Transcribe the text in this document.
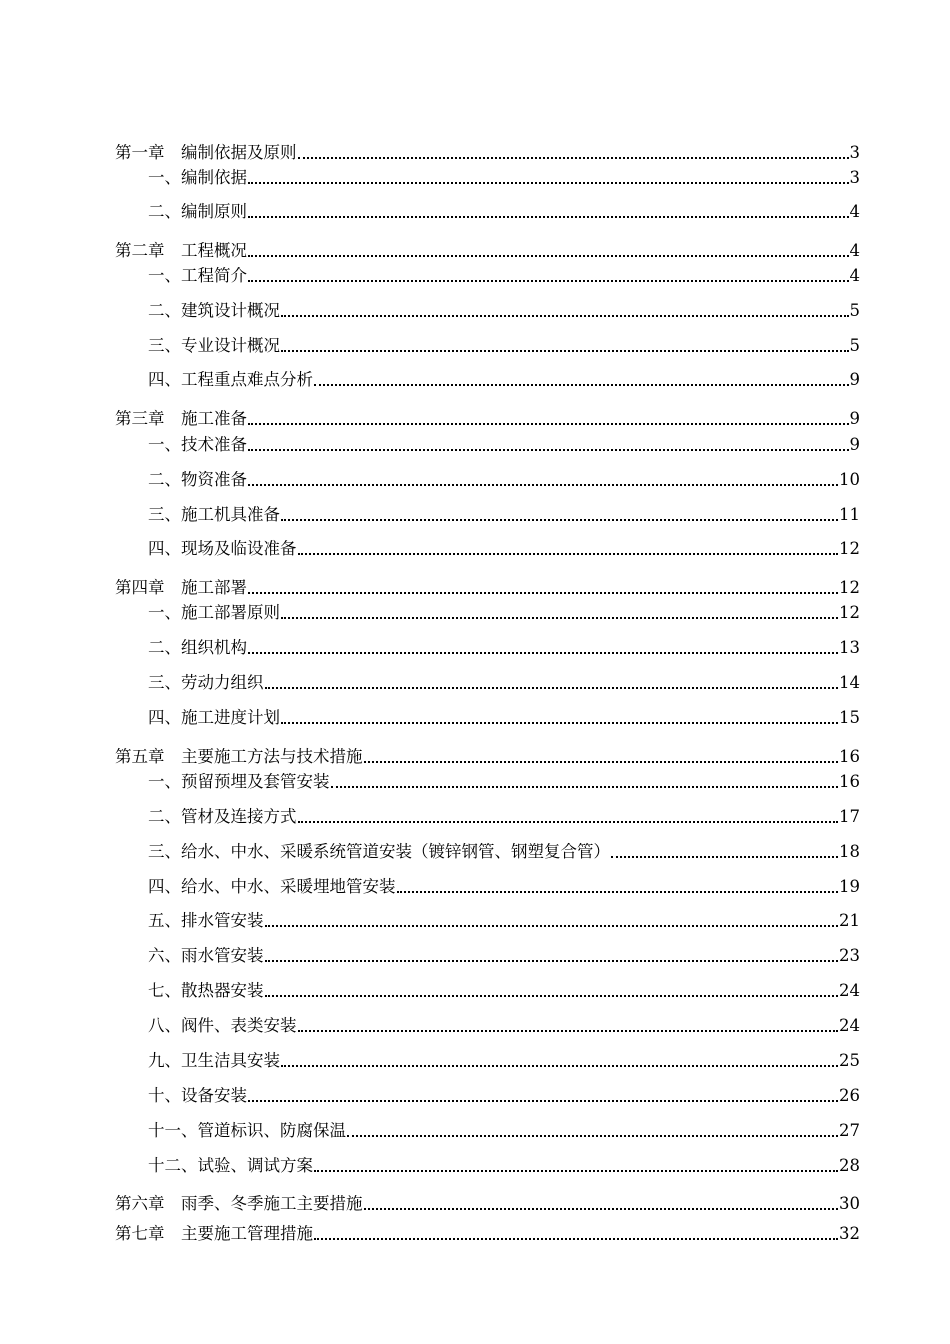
第一章　编制依据及原则	3
一、编制依据	3
二、编制原则	4
第二章　工程概况	4
一、工程简介	4
二、建筑设计概况	5
三、专业设计概况	5
四、工程重点难点分析	9
第三章　施工准备	9
一、技术准备	9
二、物资准备	10
三、施工机具准备	11
四、现场及临设准备	12
第四章　施工部署	12
一、施工部署原则	12
二、组织机构	13
三、劳动力组织	14
四、施工进度计划	15
第五章　主要施工方法与技术措施	16
一、预留预埋及套管安装	16
二、管材及连接方式	17
三、给水、中水、采暖系统管道安装（镀锌钢管、钢塑复合管）	18
四、给水、中水、采暖埋地管安装	19
五、排水管安装	21
六、雨水管安装	23
七、散热器安装	24
八、阀件、表类安装	24
九、卫生洁具安装	25
十、设备安装	26
十一、管道标识、防腐保温	27
十二、试验、调试方案	28
第六章　雨季、冬季施工主要措施	30
第七章　主要施工管理措施	32
